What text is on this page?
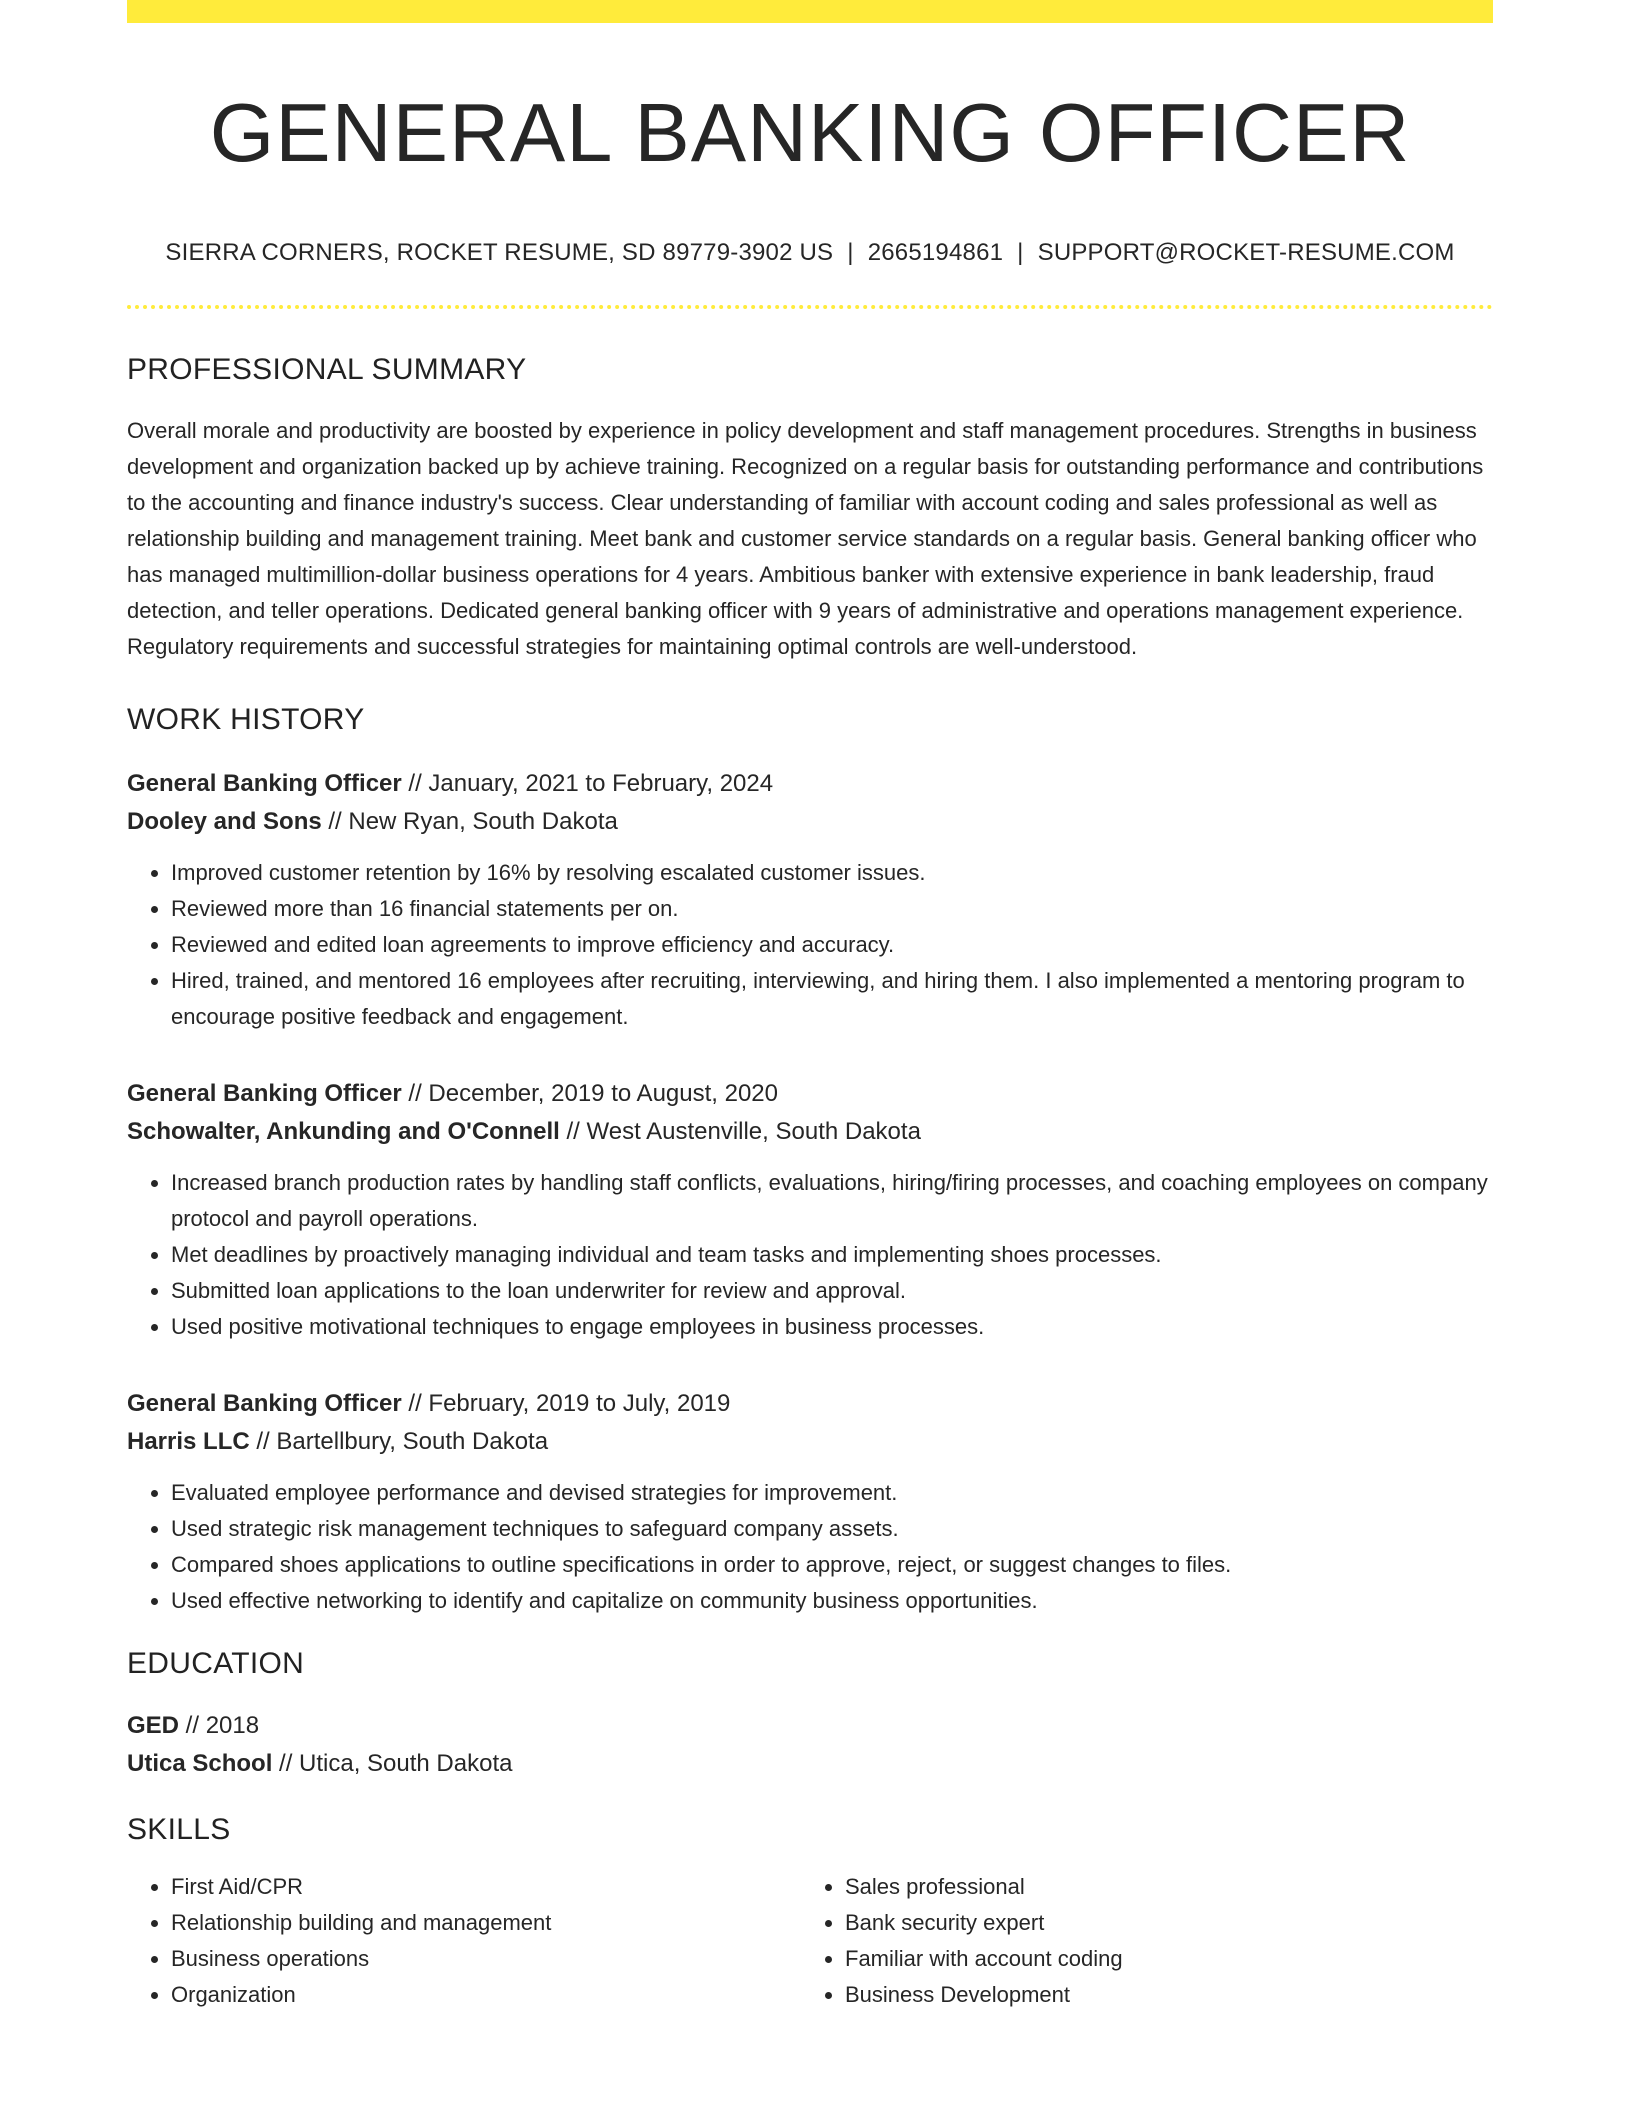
GENERAL BANKING OFFICER
SIERRA CORNERS, ROCKET RESUME, SD 89779-3902 US | 2665194861 | SUPPORT@ROCKET-RESUME.COM
PROFESSIONAL SUMMARY
Overall morale and productivity are boosted by experience in policy development and staff management procedures. Strengths in business development and organization backed up by achieve training. Recognized on a regular basis for outstanding performance and contributions to the accounting and finance industry's success. Clear understanding of familiar with account coding and sales professional as well as relationship building and management training. Meet bank and customer service standards on a regular basis. General banking officer who has managed multimillion-dollar business operations for 4 years. Ambitious banker with extensive experience in bank leadership, fraud detection, and teller operations. Dedicated general banking officer with 9 years of administrative and operations management experience. Regulatory requirements and successful strategies for maintaining optimal controls are well-understood.
WORK HISTORY
General Banking Officer // January, 2021 to February, 2024
Dooley and Sons // New Ryan, South Dakota
• Improved customer retention by 16% by resolving escalated customer issues.
• Reviewed more than 16 financial statements per on.
• Reviewed and edited loan agreements to improve efficiency and accuracy.
• Hired, trained, and mentored 16 employees after recruiting, interviewing, and hiring them. I also implemented a mentoring program to encourage positive feedback and engagement.
General Banking Officer // December, 2019 to August, 2020
Schowalter, Ankunding and O'Connell // West Austenville, South Dakota
• Increased branch production rates by handling staff conflicts, evaluations, hiring/firing processes, and coaching employees on company protocol and payroll operations.
• Met deadlines by proactively managing individual and team tasks and implementing shoes processes.
• Submitted loan applications to the loan underwriter for review and approval.
• Used positive motivational techniques to engage employees in business processes.
General Banking Officer // February, 2019 to July, 2019
Harris LLC // Bartellbury, South Dakota
• Evaluated employee performance and devised strategies for improvement.
• Used strategic risk management techniques to safeguard company assets.
• Compared shoes applications to outline specifications in order to approve, reject, or suggest changes to files.
• Used effective networking to identify and capitalize on community business opportunities.
EDUCATION
GED // 2018
Utica School // Utica, South Dakota
SKILLS
• First Aid/CPR
• Relationship building and management
• Business operations
• Organization
• Sales professional
• Bank security expert
• Familiar with account coding
• Business Development
